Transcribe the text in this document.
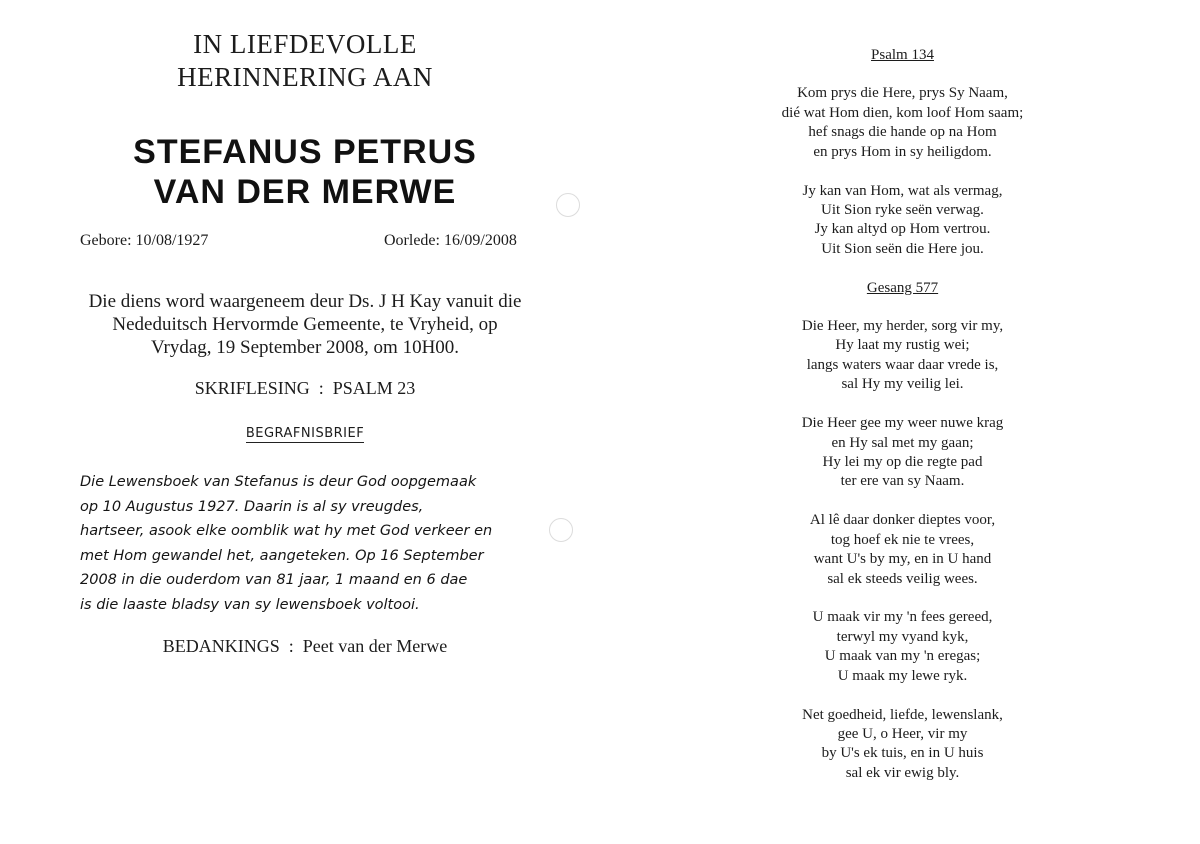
IN LIEFDEVOLLE
HERINNERING AAN
STEFANUS PETRUS
VAN DER MERWE
Gebore: 10/08/1927	Oorlede: 16/09/2008
Die diens word waargeneem deur Ds. J H Kay vanuit die
Nededuitsch Hervormde Gemeente, te Vryheid, op
Vrydag, 19 September 2008, om 10H00.
SKRIFLESING  :  PSALM 23
BEGRAFNISBRIEF
Die Lewensboek van Stefanus is deur God oopgemaak
op 10 Augustus 1927. Daarin is al sy vreugdes,
hartseer, asook elke oomblik wat hy met God verkeer en
met Hom gewandel het, aangeteken. Op 16 September
2008 in die ouderdom van 81 jaar, 1 maand en 6 dae
is die laaste bladsy van sy lewensboek voltooi.
BEDANKINGS  :  Peet van der Merwe
Psalm 134
Kom prys die Here, prys Sy Naam,
dié wat Hom dien, kom loof Hom saam;
hef snags die hande op na Hom
en prys Hom in sy heiligdom.
Jy kan van Hom, wat als vermag,
Uit Sion ryke seën verwag.
Jy kan altyd op Hom vertrou.
Uit Sion seën die Here jou.
Gesang 577
Die Heer, my herder, sorg vir my,
Hy laat my rustig wei;
langs waters waar daar vrede is,
sal Hy my veilig lei.
Die Heer gee my weer nuwe krag
en Hy sal met my gaan;
Hy lei my op die regte pad
ter ere van sy Naam.
Al lê daar donker dieptes voor,
tog hoef ek nie te vrees,
want U's by my, en in U hand
sal ek steeds veilig wees.
U maak vir my 'n fees gereed,
terwyl my vyand kyk,
U maak van my 'n eregas;
U maak my lewe ryk.
Net goedheid, liefde, lewenslank,
gee U, o Heer, vir my
by U's ek tuis, en in U huis
sal ek vir ewig bly.
